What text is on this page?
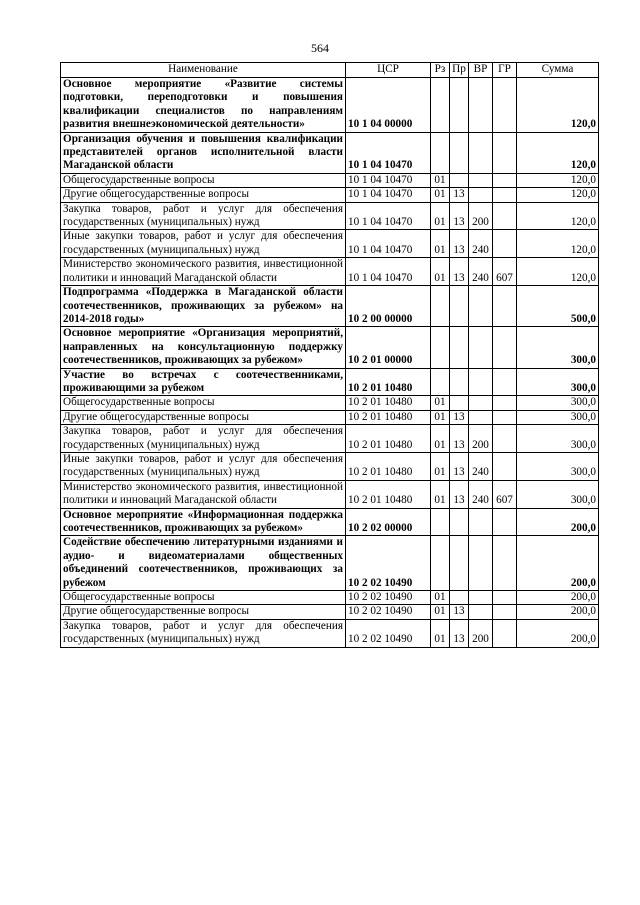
564
Наименование	ЦСР	Рз	Пр	ВР	ГР	Сумма
Основное мероприятие «Развитие системы подготовки, переподготовки и повышения квалификации специалистов по направлениям развития внешнеэкономической деятельности»	10 1 04 00000					120,0
Организация обучения и повышения квалификации представителей органов исполнительной власти Магаданской области	10 1 04 10470					120,0
Общегосударственные вопросы	10 1 04 10470	01				120,0
Другие общегосударственные вопросы	10 1 04 10470	01	13			120,0
Закупка товаров, работ и услуг для обеспечения государственных (муниципальных) нужд	10 1 04 10470	01	13	200		120,0
Иные закупки товаров, работ и услуг для обеспечения государственных (муниципальных) нужд	10 1 04 10470	01	13	240		120,0
Министерство экономического развития, инвестиционной политики и инноваций Магаданской области	10 1 04 10470	01	13	240	607	120,0
Подпрограмма «Поддержка в Магаданской области соотечественников, проживающих за рубежом» на 2014-2018 годы»	10 2 00 00000					500,0
Основное мероприятие «Организация мероприятий, направленных на консультационную поддержку соотечественников, проживающих за рубежом»	10 2 01 00000					300,0
Участие во встречах с соотечественниками, проживающими за рубежом	10 2 01 10480					300,0
Общегосударственные вопросы	10 2 01 10480	01				300,0
Другие общегосударственные вопросы	10 2 01 10480	01	13			300,0
Закупка товаров, работ и услуг для обеспечения государственных (муниципальных) нужд	10 2 01 10480	01	13	200		300,0
Иные закупки товаров, работ и услуг для обеспечения государственных (муниципальных) нужд	10 2 01 10480	01	13	240		300,0
Министерство экономического развития, инвестиционной политики и инноваций Магаданской области	10 2 01 10480	01	13	240	607	300,0
Основное мероприятие «Информационная поддержка соотечественников, проживающих за рубежом»	10 2 02 00000					200,0
Содействие обеспечению литературными изданиями и аудио- и видеоматериалами общественных объединений соотечественников, проживающих за рубежом	10 2 02 10490					200,0
Общегосударственные вопросы	10 2 02 10490	01				200,0
Другие общегосударственные вопросы	10 2 02 10490	01	13			200,0
Закупка товаров, работ и услуг для обеспечения государственных (муниципальных) нужд	10 2 02 10490	01	13	200		200,0
